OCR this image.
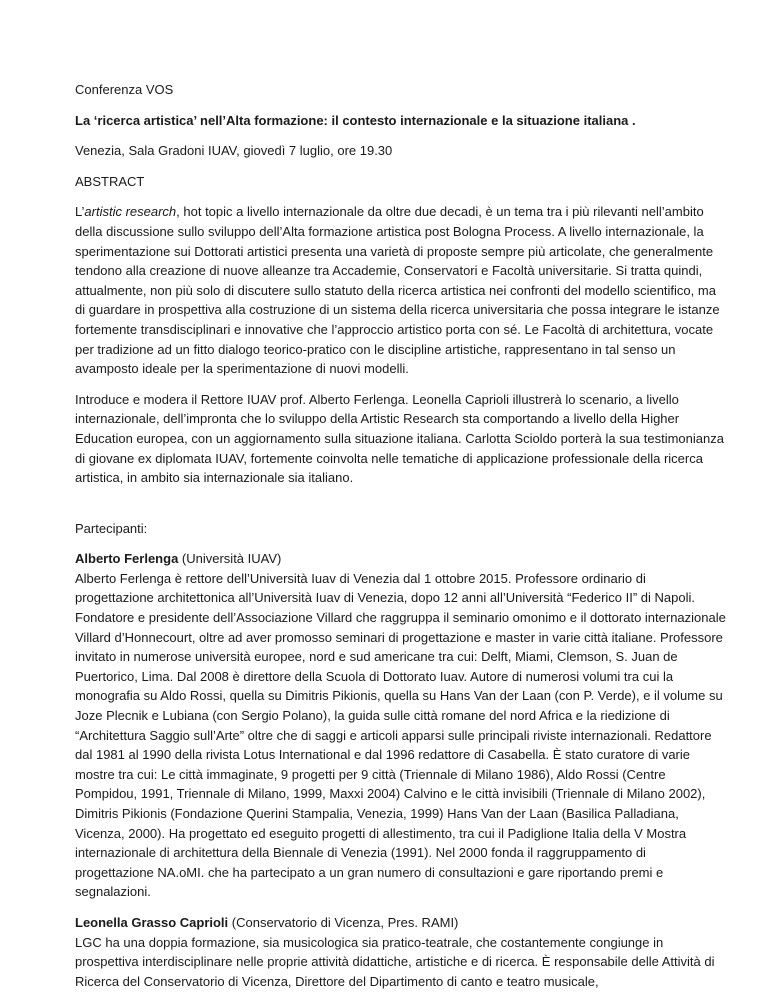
Conferenza VOS

La ‘ricerca artistica’ nell’Alta formazione: il contesto internazionale e la situazione italiana .

Venezia, Sala Gradoni IUAV, giovedì 7 luglio, ore 19.30

ABSTRACT

L’artistic research, hot topic a livello internazionale da oltre due decadi, è un tema tra i più rilevanti nell’ambito della discussione sullo sviluppo dell’Alta formazione artistica post Bologna Process. A livello internazionale, la sperimentazione sui Dottorati artistici presenta una varietà di proposte sempre più articolate, che generalmente tendono alla creazione di nuove alleanze tra Accademie, Conservatori e Facoltà universitarie. Si tratta quindi, attualmente, non più solo di discutere sullo statuto della ricerca artistica nei confronti del modello scientifico, ma di guardare in prospettiva alla costruzione di un sistema della ricerca universitaria che possa integrare le istanze fortemente transdisciplinari e innovative che l’approccio artistico porta con sé. Le Facoltà di architettura, vocate per tradizione ad un fitto dialogo teorico-pratico con le discipline artistiche, rappresentano in tal senso un avamposto ideale per la sperimentazione di nuovi modelli.

Introduce e modera il Rettore IUAV prof. Alberto Ferlenga. Leonella Caprioli illustrerà lo scenario, a livello internazionale, dell’impronta che lo sviluppo della Artistic Research sta comportando a livello della Higher Education europea, con un aggiornamento sulla situazione italiana. Carlotta Scioldo porterà la sua testimonianza di giovane ex diplomata IUAV, fortemente coinvolta nelle tematiche di applicazione professionale della ricerca artistica, in ambito sia internazionale sia italiano.

Partecipanti:

Alberto Ferlenga (Università IUAV)
Alberto Ferlenga è rettore dell’Università Iuav di Venezia dal 1 ottobre 2015. Professore ordinario di progettazione architettonica all’Università Iuav di Venezia, dopo 12 anni all’Università “Federico II” di Napoli. Fondatore e presidente dell’Associazione Villard che raggruppa il seminario omonimo e il dottorato internazionale Villard d’Honnecourt, oltre ad aver promosso seminari di progettazione e master in varie città italiane. Professore invitato in numerose università europee, nord e sud americane tra cui: Delft, Miami, Clemson, S. Juan de Puertorico, Lima. Dal 2008 è direttore della Scuola di Dottorato Iuav. Autore di numerosi volumi tra cui la monografia su Aldo Rossi, quella su Dimitris Pikionis, quella su Hans Van der Laan (con P. Verde), e il volume su Joze Plecnik e Lubiana (con Sergio Polano), la guida sulle città romane del nord Africa e la riedizione di “Architettura Saggio sull’Arte” oltre che di saggi e articoli apparsi sulle principali riviste internazionali. Redattore dal 1981 al 1990 della rivista Lotus International e dal 1996 redattore di Casabella. È stato curatore di varie mostre tra cui: Le città immaginate, 9 progetti per 9 città (Triennale di Milano 1986), Aldo Rossi (Centre Pompidou, 1991, Triennale di Milano, 1999, Maxxi 2004) Calvino e le città invisibili (Triennale di Milano 2002), Dimitris Pikionis (Fondazione Querini Stampalia, Venezia, 1999) Hans Van der Laan (Basilica Palladiana, Vicenza, 2000). Ha progettato ed eseguito progetti di allestimento, tra cui il Padiglione Italia della V Mostra internazionale di architettura della Biennale di Venezia (1991). Nel 2000 fonda il raggruppamento di progettazione NA.oMI. che ha partecipato a un gran numero di consultazioni e gare riportando premi e segnalazioni.

Leonella Grasso Caprioli (Conservatorio di Vicenza, Pres. RAMI)
LGC ha una doppia formazione, sia musicologica sia pratico-teatrale, che costantemente congiunge in prospettiva interdisciplinare nelle proprie attività didattiche, artistiche e di ricerca. È responsabile delle Attività di Ricerca del Conservatorio di Vicenza, Direttore del Dipartimento di canto e teatro musicale,
